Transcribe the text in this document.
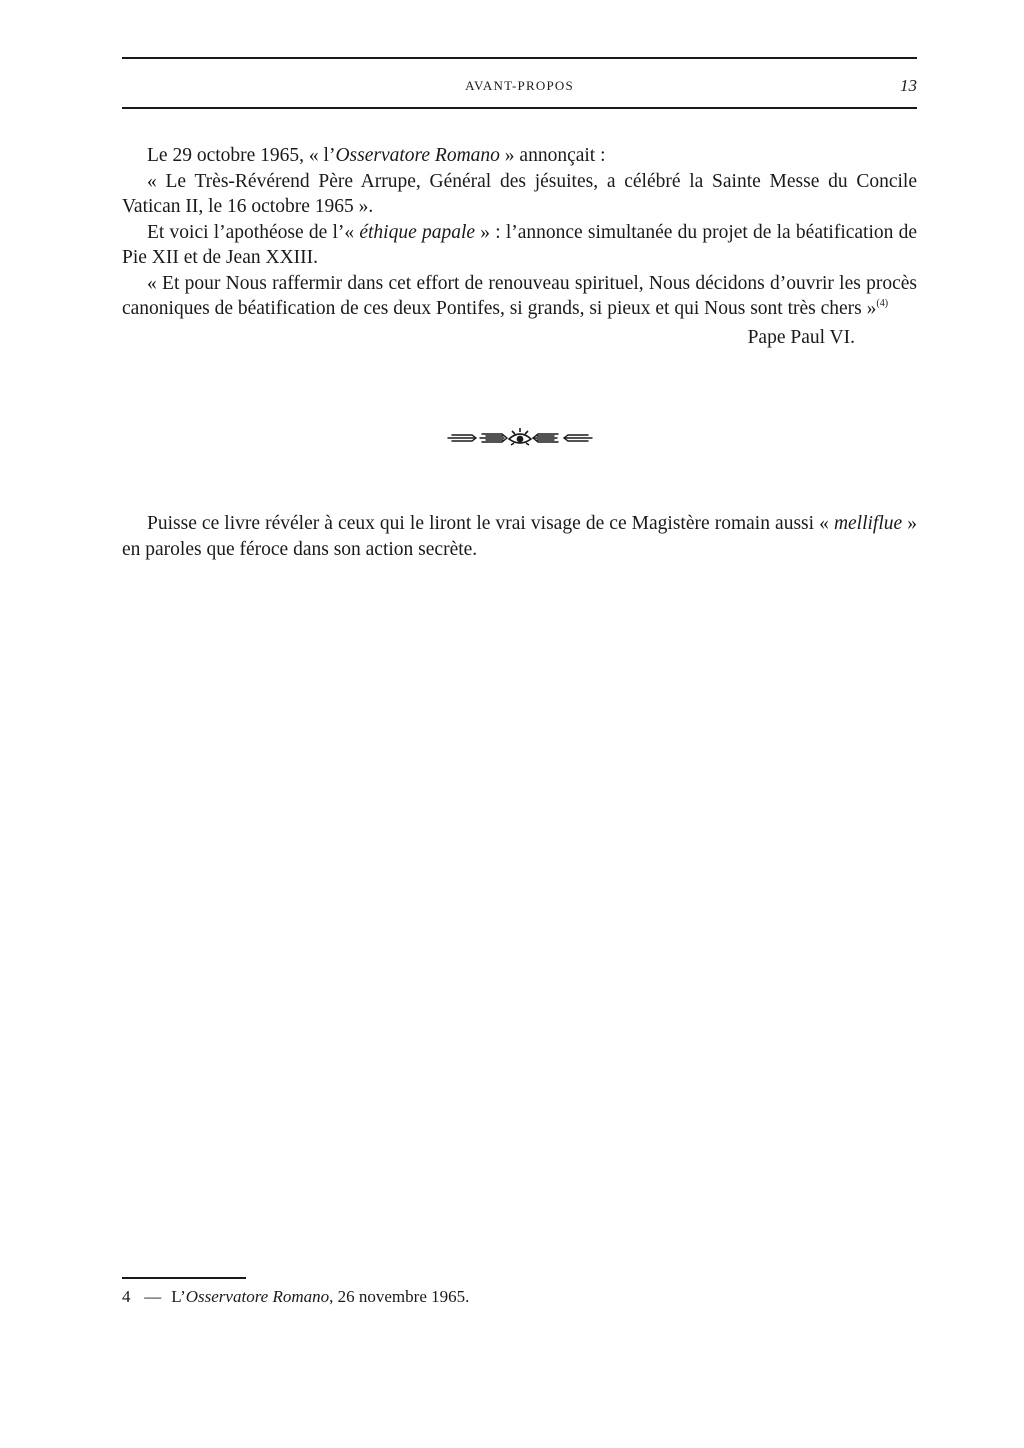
AVANT-PROPOS	13

Le 29 octobre 1965, « l’Osservatore Romano » annonçait :

« Le Très-Révérend Père Arrupe, Général des jésuites, a célébré la Sainte Messe du Concile Vatican II, le 16 octobre 1965 ».

Et voici l’apothéose de l’« éthique papale » : l’annonce simultanée du projet de la béatification de Pie XII et de Jean XXIII.

« Et pour Nous raffermir dans cet effort de renouveau spirituel, Nous décidons d’ouvrir les procès canoniques de béatification de ces deux Pontifes, si grands, si pieux et qui Nous sont très chers »$^{(4)}$

Pape Paul VI.

Puisse ce livre révéler à ceux qui le liront le vrai visage de ce Magistère romain aussi « melliflue » en paroles que féroce dans son action secrète.

4 — L’Osservatore Romano, 26 novembre 1965.
